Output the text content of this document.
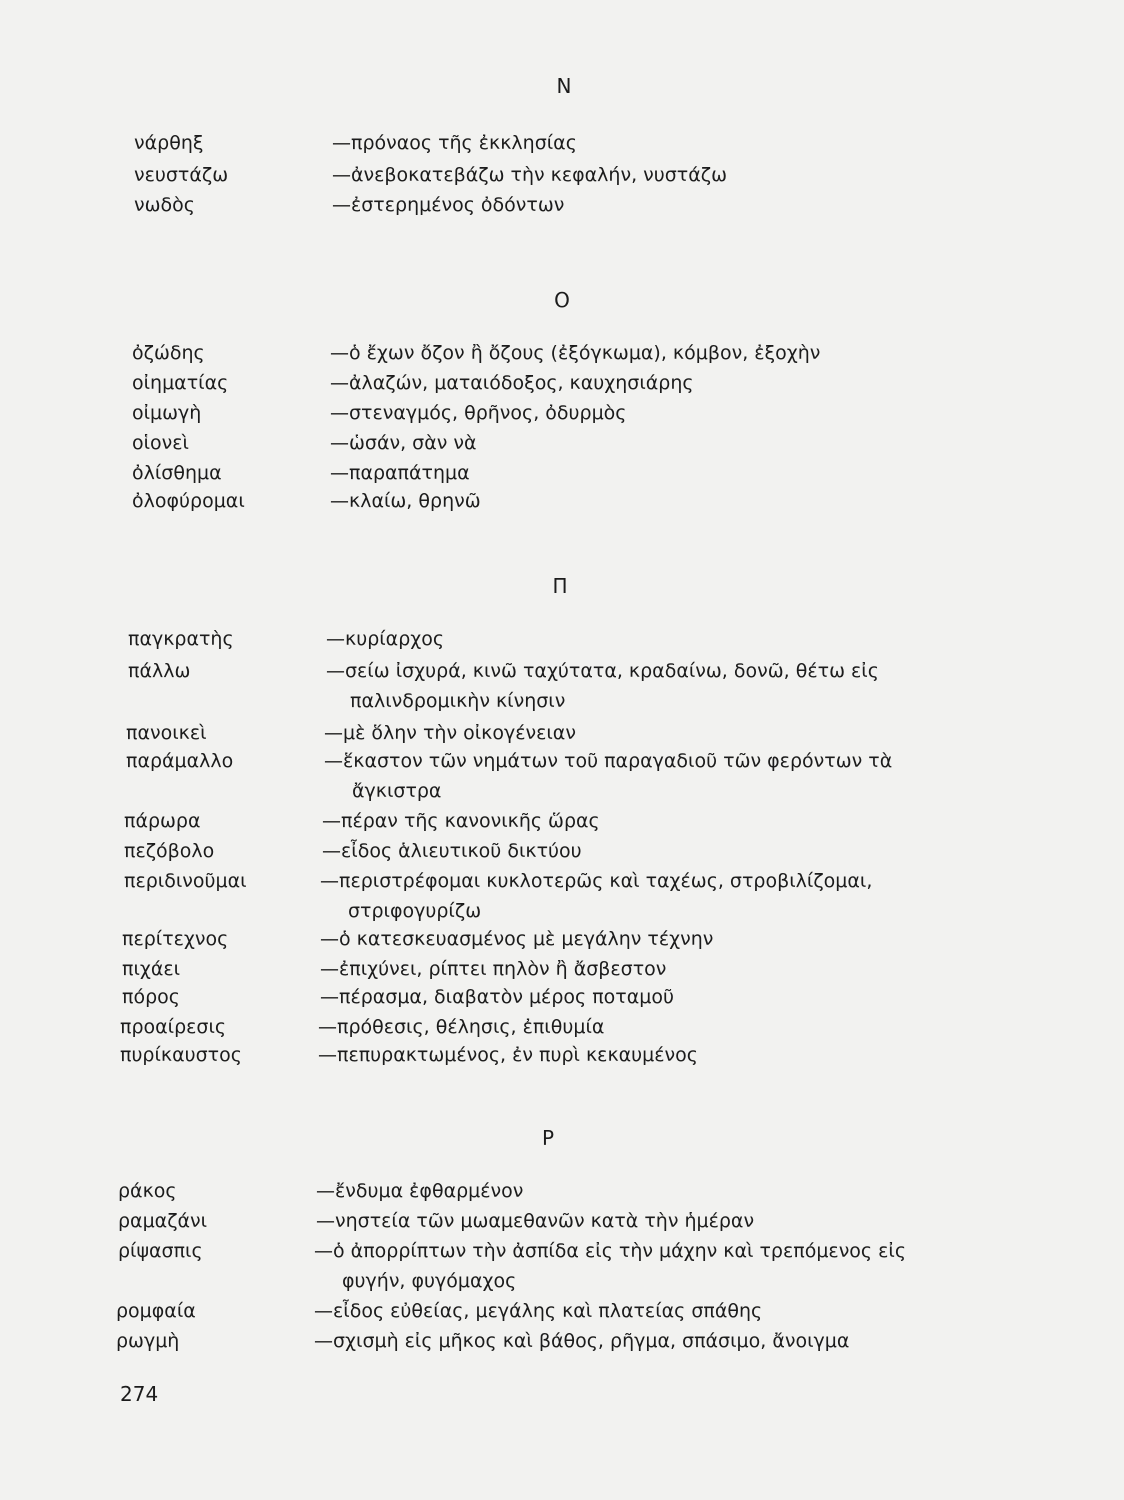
Ν
νάρθηξ	—πρόναος τῆς ἐκκλησίας
νευστάζω	—ἀνεβοκατεβάζω τὴν κεφαλήν, νυστάζω
νωδὸς	—ἐστερημένος ὀδόντων
Ο
ὀζώδης	—ὁ ἔχων ὄζον ἢ ὄζους (ἐξόγκωμα), κόμβον, ἐξοχὴν
οἰηματίας	—ἀλαζών, ματαιόδοξος, καυχησιάρης
οἰμωγὴ	—στεναγμός, θρῆνος, ὀδυρμὸς
οἱονεὶ	—ὡσάν, σὰν νὰ
ὀλίσθημα	—παραπάτημα
ὀλοφύρομαι	—κλαίω, θρηνῶ
Π
παγκρατὴς	—κυρίαρχος
πάλλω	—σείω ἰσχυρά, κινῶ ταχύτατα, κραδαίνω, δονῶ, θέτω εἰς
παλινδρομικὴν κίνησιν
πανοικεὶ	—μὲ ὅλην τὴν οἰκογένειαν
παράμαλλο	—ἕκαστον τῶν νημάτων τοῦ παραγαδιοῦ τῶν φερόντων τὰ
ἄγκιστρα
πάρωρα	—πέραν τῆς κανονικῆς ὥρας
πεζόβολο	—εἶδος ἁλιευτικοῦ δικτύου
περιδινοῦμαι	—περιστρέφομαι κυκλοτερῶς καὶ ταχέως, στροβιλίζομαι,
στριφογυρίζω
περίτεχνος	—ὁ κατεσκευασμένος μὲ μεγάλην τέχνην
πιχάει	—ἐπιχύνει, ρίπτει πηλὸν ἢ ἄσβεστον
πόρος	—πέρασμα, διαβατὸν μέρος ποταμοῦ
προαίρεσις	—πρόθεσις, θέλησις, ἐπιθυμία
πυρίκαυστος	—πεπυρακτωμένος, ἐν πυρὶ κεκαυμένος
Ρ
ράκος	—ἔνδυμα ἐφθαρμένον
ραμαζάνι	—νηστεία τῶν μωαμεθανῶν κατὰ τὴν ἡμέραν
ρίψασπις	—ὁ ἀπορρίπτων τὴν ἀσπίδα εἰς τὴν μάχην καὶ τρεπόμενος εἰς
φυγήν, φυγόμαχος
ρομφαία	—εἶδος εὐθείας, μεγάλης καὶ πλατείας σπάθης
ρωγμὴ	—σχισμὴ εἰς μῆκος καὶ βάθος, ρῆγμα, σπάσιμο, ἄνοιγμα
274
